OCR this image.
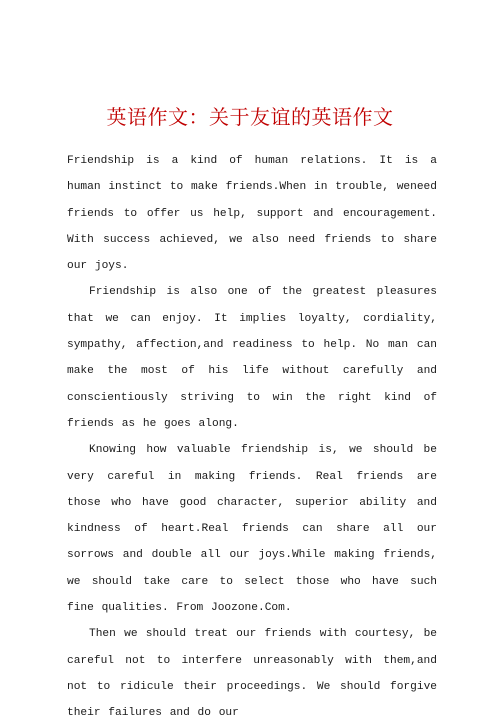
英语作文：关于友谊的英语作文

Friendship is a kind of human relations. It is a human instinct to make friends.When in trouble, weneed friends to offer us help, support and encouragement. With success achieved, we also need friends to share our joys.

Friendship is also one of the greatest pleasures that we can enjoy. It implies loyalty, cordiality, sympathy, affection,and readiness to help. No man can make the most of his life without carefully and conscientiously striving to win the right kind of friends as he goes along.

Knowing how valuable friendship is, we should be very careful in making friends. Real friends are those who have good character, superior ability and kindness of heart.Real friends can share all our sorrows and double all our joys.While making friends, we should take care to select those who have such fine qualities. From Joozone.Com.

Then we should treat our friends with courtesy, be careful not to interfere unreasonably with them,and not to ridicule their proceedings. We should forgive their failures and do our
